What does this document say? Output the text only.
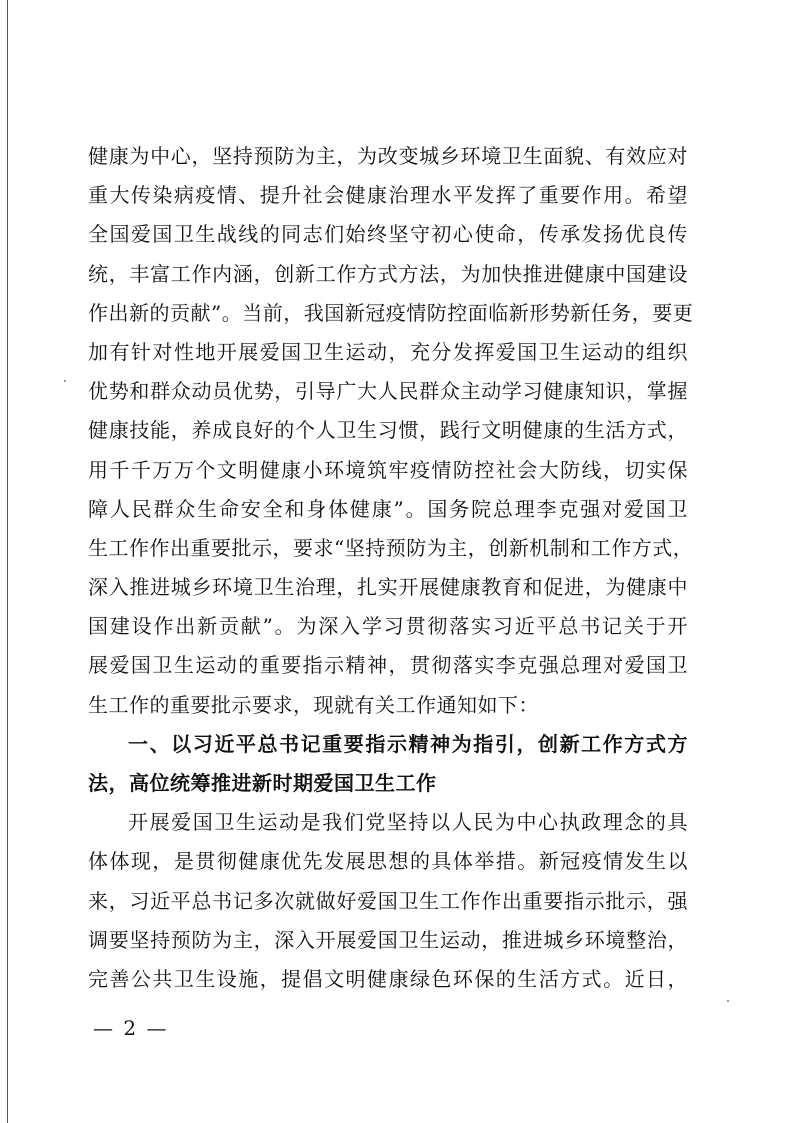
健康为中心，坚持预防为主，为改变城乡环境卫生面貌、有效应对
重大传染病疫情、提升社会健康治理水平发挥了重要作用。希望
全国爱国卫生战线的同志们始终坚守初心使命，传承发扬优良传
统，丰富工作内涵，创新工作方式方法，为加快推进健康中国建设
作出新的贡献”。当前，我国新冠疫情防控面临新形势新任务，要更
加有针对性地开展爱国卫生运动，充分发挥爱国卫生运动的组织
优势和群众动员优势，引导广大人民群众主动学习健康知识，掌握
健康技能，养成良好的个人卫生习惯，践行文明健康的生活方式，
用千千万万个文明健康小环境筑牢疫情防控社会大防线，切实保
障人民群众生命安全和身体健康”。国务院总理李克强对爱国卫
生工作作出重要批示，要求“坚持预防为主，创新机制和工作方式，
深入推进城乡环境卫生治理，扎实开展健康教育和促进，为健康中
国建设作出新贡献”。为深入学习贯彻落实习近平总书记关于开
展爱国卫生运动的重要指示精神，贯彻落实李克强总理对爱国卫
生工作的重要批示要求，现就有关工作通知如下：
一、以习近平总书记重要指示精神为指引，创新工作方式方
法，高位统筹推进新时期爱国卫生工作
开展爱国卫生运动是我们党坚持以人民为中心执政理念的具
体体现，是贯彻健康优先发展思想的具体举措。新冠疫情发生以
来，习近平总书记多次就做好爱国卫生工作作出重要指示批示，强
调要坚持预防为主，深入开展爱国卫生运动，推进城乡环境整治，
完善公共卫生设施，提倡文明健康绿色环保的生活方式。近日，
— 2 —
